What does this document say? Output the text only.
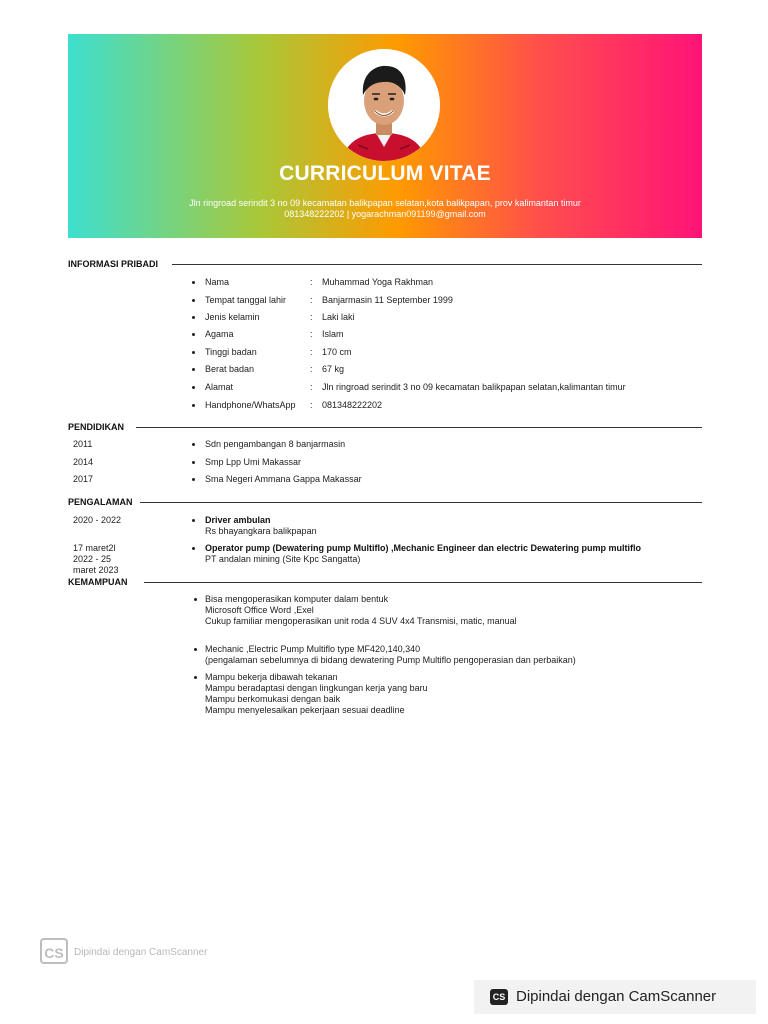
CURRICULUM VITAE
Jln ringroad serindit 3 no 09 kecamatan balikpapan selatan,kota balikpapan, prov kalimantan timur
081348222202 | yogarachman091199@gmail.com
INFORMASI PRIBADI
Nama	: Muhammad Yoga Rakhman
Tempat tanggal lahir	: Banjarmasin 11 September 1999
Jenis kelamin	: Laki laki
Agama	: Islam
Tinggi badan	: 170 cm
Berat badan	: 67 kg
Alamat	: Jln ringroad serindit 3 no 09 kecamatan balikpapan selatan,kalimantan timur
Handphone/WhatsApp : 081348222202
PENDIDIKAN
2011	Sdn pengambangan 8 banjarmasin
2014	Smp Lpp Umi Makassar
2017	Sma Negeri Ammana Gappa Makassar
PENGALAMAN
2020 - 2022	Driver ambulan
Rs bhayangkara balikpapan
17 maret2l
2022 - 25
maret 2023
Operator pump (Dewatering pump Multiflo) ,Mechanic Engineer dan electric Dewatering pump multiflo
PT andalan mining (Site Kpc Sangatta)
KEMAMPUAN
Bisa mengoperasikan komputer dalam bentuk
Microsoft Office Word ,Exel
Cukup familiar mengoperasikan unit roda 4 SUV 4x4 Transmisi, matic, manual
Mechanic ,Electric Pump Multiflo type MF420,140,340
(pengalaman sebelumnya di bidang dewatering Pump Multiflo pengoperasian dan perbaikan)
Mampu bekerja dibawah tekanan
Mampu beradaptasi dengan lingkungan kerja yang baru
Mampu berkomukasi dengan baik
Mampu menyelesaikan pekerjaan sesuai deadline
CS	Dipindai dengan CamScanner
CS Dipindai dengan CamScanner
